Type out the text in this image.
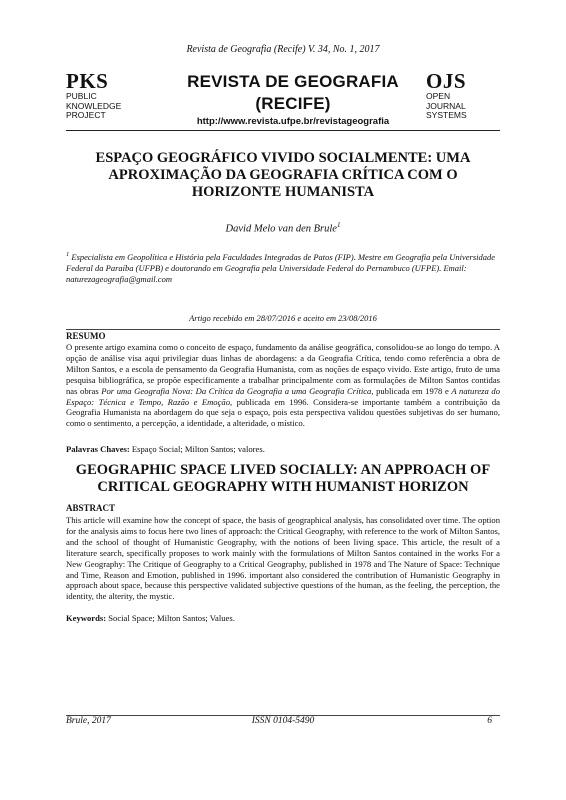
Revista de Geografia (Recife) V. 34, No. 1, 2017
PKS
PUBLIC
KNOWLEDGE
PROJECT
REVISTA DE GEOGRAFIA
(RECIFE)
http://www.revista.ufpe.br/revistageografia
OJS
OPEN
JOURNAL
SYSTEMS
ESPAÇO GEOGRÁFICO VIVIDO SOCIALMENTE: UMA APROXIMAÇÃO DA GEOGRAFIA CRÍTICA COM O HORIZONTE HUMANISTA
David Melo van den Brule$^1$
$^1$ Especialista em Geopolítica e História pela Faculdades Integradas de Patos (FIP). Mestre em Geografia pela Universidade Federal da Paraíba (UFPB) e doutorando em Geografia pela Universidade Federal do Pernambuco (UFPE). Email: naturezageografia@gmail.com
Artigo recebido em 28/07/2016 e aceito em 23/08/2016
RESUMO
O presente artigo examina como o conceito de espaço, fundamento da análise geográfica, consolidou-se ao longo do tempo. A opção de análise visa aqui privilegiar duas linhas de abordagens: a da Geografia Crítica, tendo como referência a obra de Milton Santos, e a escola de pensamento da Geografia Humanista, com as noções de espaço vivido. Este artigo, fruto de uma pesquisa bibliográfica, se propõe especificamente a trabalhar principalmente com as formulações de Milton Santos contidas nas obras Por uma Geografia Nova: Da Crítica da Geografia a uma Geografia Crítica, publicada em 1978 e A natureza do Espaço: Técnica e Tempo, Razão e Emoção, publicada em 1996. Considera-se importante também a contribuição da Geografia Humanista na abordagem do que seja o espaço, pois esta perspectiva validou questões subjetivas do ser humano, como o sentimento, a percepção, a identidade, a alteridade, o místico.
Palavras Chaves: Espaço Social; Milton Santos; valores.
GEOGRAPHIC SPACE LIVED SOCIALLY: AN APPROACH OF CRITICAL GEOGRAPHY WITH HUMANIST HORIZON
ABSTRACT
This article will examine how the concept of space, the basis of geographical analysis, has consolidated over time. The option for the analysis aims to focus here two lines of approach: the Critical Geography, with reference to the work of Milton Santos, and the school of thought of Humanistic Geography, with the notions of been living space. This article, the result of a literature search, specifically proposes to work mainly with the formulations of Milton Santos contained in the works For a New Geography: The Critique of Geography to a Critical Geography, published in 1978 and The Nature of Space: Technique and Time, Reason and Emotion, published in 1996. important also considered the contribution of Humanistic Geography in approach about space, because this perspective validated subjective questions of the human, as the feeling, the perception, the identity, the alterity, the mystic.
Keywords: Social Space; Milton Santos; Values.
Brule, 2017	ISSN 0104-5490	6
